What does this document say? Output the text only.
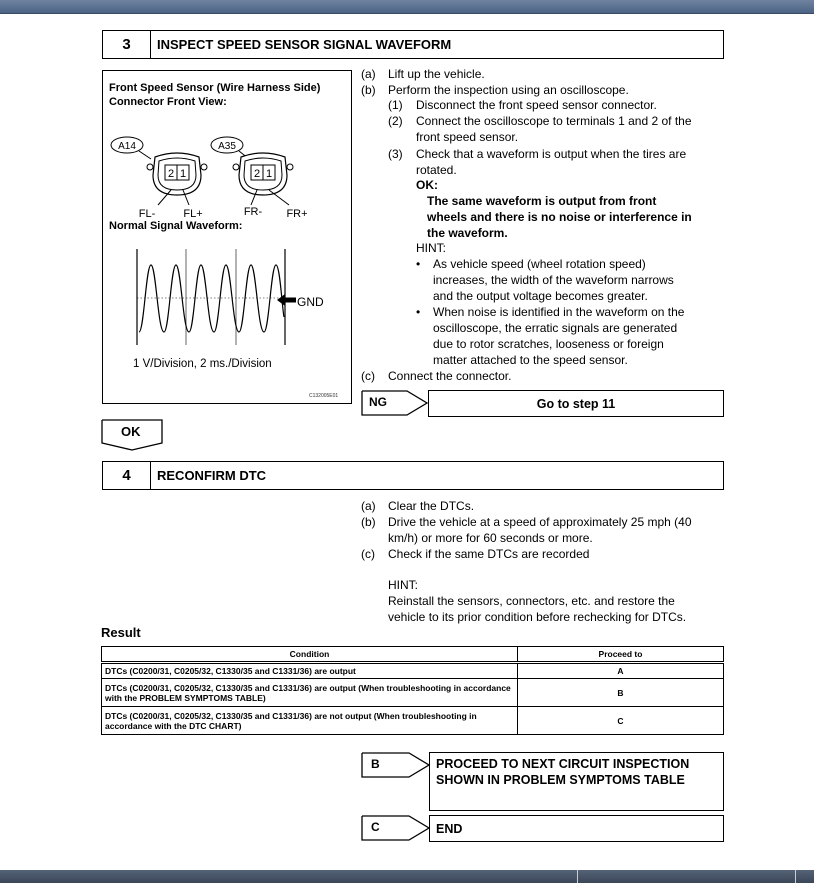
3	INSPECT SPEED SENSOR SIGNAL WAVEFORM
Front Speed Sensor (Wire Harness Side)
Connector Front View:
A14
2 1
FL-	FL+
A35
2 1
FR- FR+
Normal Signal Waveform:
GND
1 V/Division, 2 ms./Division
C132005E01
(a) Lift up the vehicle.
(b) Perform the inspection using an oscilloscope.
(1) Disconnect the front speed sensor connector.
(2) Connect the oscilloscope to terminals 1 and 2 of the
front speed sensor.
(3) Check that a waveform is output when the tires are
rotated.
OK:
The same waveform is output from front
wheels and there is no noise or interference in
the waveform.
HINT:
• As vehicle speed (wheel rotation speed)
increases, the width of the waveform narrows
and the output voltage becomes greater.
• When noise is identified in the waveform on the
oscilloscope, the erratic signals are generated
due to rotor scratches, looseness or foreign
matter attached to the speed sensor.
(c) Connect the connector.
NG	Go to step 11
OK
4	RECONFIRM DTC
(a) Clear the DTCs.
(b) Drive the vehicle at a speed of approximately 25 mph (40
km/h) or more for 60 seconds or more.
(c) Check if the same DTCs are recorded
HINT:
Reinstall the sensors, connectors, etc. and restore the
vehicle to its prior condition before rechecking for DTCs.
Result
Condition	Proceed to
DTCs (C0200/31, C0205/32, C1330/35 and C1331/36) are output	A
DTCs (C0200/31, C0205/32, C1330/35 and C1331/36) are output (When troubleshooting in accordance with the PROBLEM SYMPTOMS TABLE)	B
DTCs (C0200/31, C0205/32, C1330/35 and C1331/36) are not output (When troubleshooting in accordance with the DTC CHART)	C
B	PROCEED TO NEXT CIRCUIT INSPECTION
SHOWN IN PROBLEM SYMPTOMS TABLE
C	END
